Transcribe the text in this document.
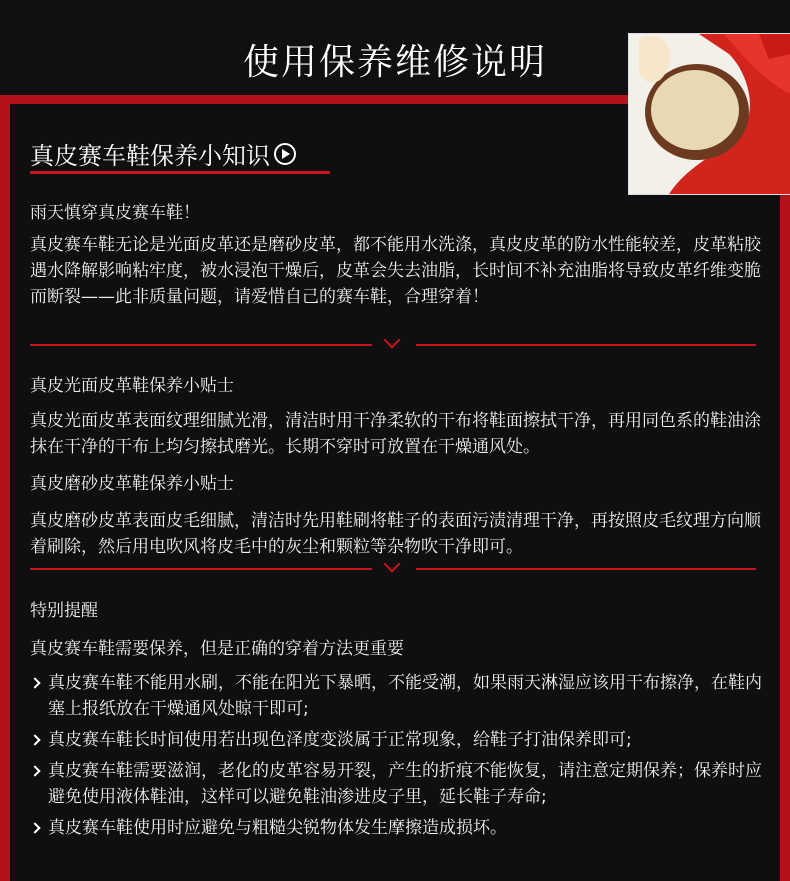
使用保养维修说明
真皮赛车鞋保养小知识

雨天慎穿真皮赛车鞋！

真皮赛车鞋无论是光面皮革还是磨砂皮革，都不能用水洗涤，真皮皮革的防水性能较差，皮革粘胶遇水降解影响粘牢度，被水浸泡干燥后，皮革会失去油脂，长时间不补充油脂将导致皮革纤维变脆而断裂——此非质量问题，请爱惜自己的赛车鞋，合理穿着！

真皮光面皮革鞋保养小贴士

真皮光面皮革表面纹理细腻光滑，清洁时用干净柔软的干布将鞋面擦拭干净，再用同色系的鞋油涂抹在干净的干布上均匀擦拭磨光。长期不穿时可放置在干燥通风处。

真皮磨砂皮革鞋保养小贴士

真皮磨砂皮革表面皮毛细腻，清洁时先用鞋刷将鞋子的表面污渍清理干净，再按照皮毛纹理方向顺着刷除，然后用电吹风将皮毛中的灰尘和颗粒等杂物吹干净即可。

特别提醒

真皮赛车鞋需要保养，但是正确的穿着方法更重要

真皮赛车鞋不能用水刷，不能在阳光下暴晒，不能受潮，如果雨天淋湿应该用干布擦净，在鞋内塞上报纸放在干燥通风处晾干即可;
真皮赛车鞋长时间使用若出现色泽度变淡属于正常现象，给鞋子打油保养即可;
真皮赛车鞋需要滋润，老化的皮革容易开裂，产生的折痕不能恢复，请注意定期保养；保养时应避免使用液体鞋油，这样可以避免鞋油渗进皮子里，延长鞋子寿命;
真皮赛车鞋使用时应避免与粗糙尖锐物体发生摩擦造成损坏。
